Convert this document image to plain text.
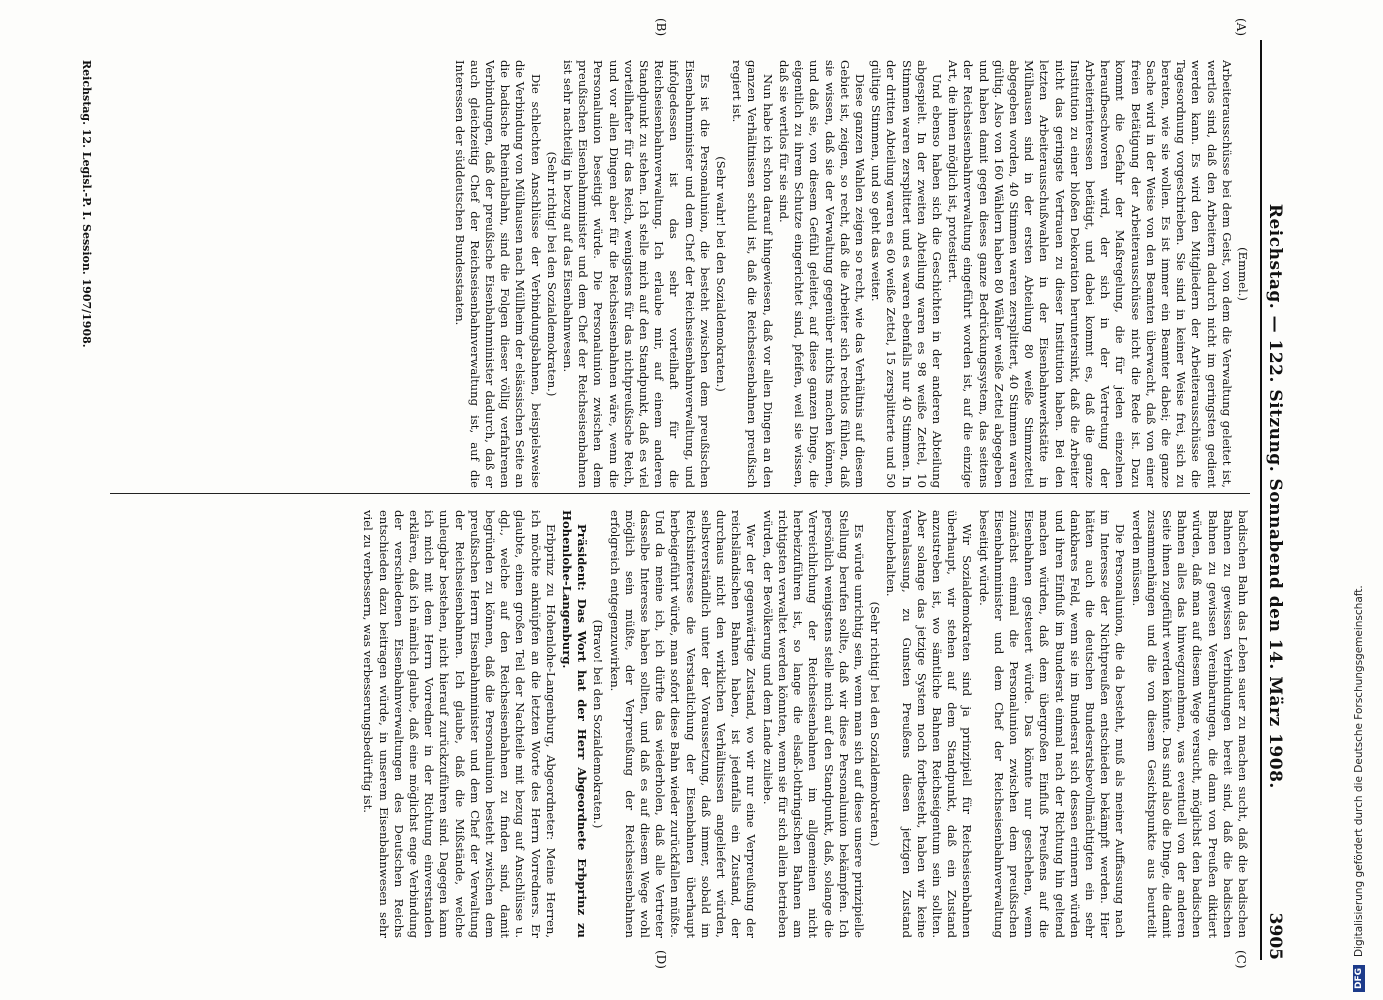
Reichstag. — 122. Sitzung. Sonnabend den 14. März 1908.
3905
(A)
(B)
(C)
(D)

(Emmel.)

Arbeiterausschüsse bei dem Geist, von dem die Verwaltung geleitet ist, wertlos sind, daß den Arbeitern dadurch nicht im geringsten gedient werden kann. Es wird den Mitgliedern der Arbeiterausschüsse die Tagesordnung vorgeschrieben. Sie sind in keiner Weise frei, sich zu beraten, wie sie wollen. Es ist immer ein Beamter dabei; die ganze Sache wird in der Weise von den Beamten überwacht, daß von einer freien Betätigung der Arbeiterausschüsse nicht die Rede ist. Dazu kommt die Gefahr der Maßregelung, die für jeden einzelnen heraufbeschworen wird, der sich in der Vertretung der Arbeiterinteressen betätigt, und dabei kommt es, daß die ganze Institution zu einer bloßen Dekoration heruntersinkt, daß die Arbeiter nicht das geringste Vertrauen zu dieser Institution haben. Bei den letzten Arbeiterausschußwahlen in der Eisenbahnwerkstätte in Mülhausen sind in der ersten Abteilung 80 weiße Stimmzettel abgegeben worden, 40 Stimmen waren zersplittert, 40 Stimmen waren gültig. Also von 160 Wählern haben 80 Wähler weiße Zettel abgegeben und haben damit gegen dieses ganze Bedrückungssystem, das seitens der Reichseisenbahnverwaltung eingeführt worden ist, auf die einzige Art, die ihnen möglich ist, protestiert.

Und ebenso haben sich die Geschichten in der anderen Abteilung abgespielt. In der zweiten Abteilung waren es 98 weiße Zettel, 10 Stimmen waren zersplittert und es waren ebenfalls nur 40 Stimmen. In der dritten Abteilung waren es 60 weiße Zettel, 15 zersplitterte und 50 gültige Stimmen, und so geht das weiter.

Diese ganzen Wahlen zeigen so recht, wie das Verhältnis auf diesem Gebiet ist, zeigen, so recht, daß die Arbeiter sich rechtlos fühlen, daß sie wissen, daß sie der Verwaltung gegenüber nichts machen können, und daß sie, von diesem Gefühl geleitet, auf diese ganzen Dinge, die eigentlich zu ihrem Schutze eingerichtet sind, pfeifen, weil sie wissen, daß sie wertlos für sie sind.

Nun habe ich schon darauf hingewiesen, daß vor allen Dingen an den ganzen Verhältnissen schuld ist, daß die Reichseisenbahnen preußisch regiert ist.

(Sehr wahr! bei den Sozialdemokraten.)

Es ist die Personalunion, die besteht zwischen dem preußischen Eisenbahnminister und dem Chef der Reichseisenbahnverwaltung, und infolgedessen ist das sehr vorteilhaft für die Reichseisenbahnverwaltung. Ich erlaube mir, auf einem anderen Standpunkt zu stehen. Ich stelle mich auf den Standpunkt, daß es viel vorteilhafter für das Reich, wenigstens für das nichtpreußische Reich, und vor allen Dingen aber für die Reichseisenbahnen wäre, wenn die Personalunion beseitigt würde. Die Personalunion zwischen dem preußischen Eisenbahnminister und dem Chef der Reichseisenbahnen ist sehr nachteilig in bezug auf das Eisenbahnwesen.

(Sehr richtig! bei den Sozialdemokraten.)

Die schlechten Anschlüsse der Verbindungsbahnen, beispielsweise die Verbindung von Mülhausen nach Müllheim der elsässischen Seite an die badische Rheintalbahn, sind die Folgen dieser völlig verfahrenen Verbindungen, daß der preußische Eisenbahnminister dadurch, daß er auch gleichzeitig Chef der Reichseisenbahnverwaltung ist, auf die Interessen der süddeutschen Bundesstaaten.

badischen Bahn das Leben sauer zu machen sucht, daß die badischen Bahnen zu gewissen Verbindungen bereit sind, daß die badischen Bahnen zu gewissen Vereinbarungen, die dann von Preußen diktiert würden, daß man auf diesem Wege versucht, möglichst den badischen Bahnen alles das hinwegzunehmen, was eventuell von der anderen Seite ihnen zugeführt werden könnte. Das sind also die Dinge, die damit zusammenhängen und die von diesem Gesichtspunkte aus beurteilt werden müssen.

Die Personalunion, die da besteht, muß als meiner Auffassung nach im Interesse der Nichtpreußen entschieden bekämpft werden. Hier hätten auch die deutschen Bundesratsbevollmächtigten ein sehr dankbares Feld, wenn sie im Bundesrat sich dessen erinnern würden und ihren Einfluß im Bundesrat einmal nach der Richtung hin geltend machen würden, daß dem übergroßen Einfluß Preußens auf die Eisenbahnen gesteuert würde. Das könnte nur geschehen, wenn zunächst einmal die Personalunion zwischen dem preußischen Eisenbahnminister und dem Chef der Reichseisenbahnverwaltung beseitigt würde.

Wir Sozialdemokraten sind ja prinzipiell für Reichseisenbahnen überhaupt, wir stehen auf dem Standpunkt, daß ein Zustand anzustreben ist, wo sämtliche Bahnen Reichseigentum sein sollten. Aber solange das jetzige System noch fortbesteht, haben wir keine Veranlassung, zu Gunsten Preußens diesen jetzigen Zustand beizubehalten.

(Sehr richtig! bei den Sozialdemokraten.)

Es würde unrichtig sein, wenn man sich auf diese unsere prinzipielle Stellung berufen sollte, daß wir diese Personalunion bekämpfen. Ich persönlich wenigstens stelle mich auf den Standpunkt, daß, solange die Verreichlichung der Reichseisenbahnen im allgemeinen nicht herbeizuführen ist, so lange die elsaß-lothringischen Bahnen am richtigsten verwaltet werden könnten, wenn sie für sich allein betrieben würden, der Bevölkerung und dem Lande zuliebe.

Wer der gegenwärtige Zustand, wo wir nur eine Verpreußung der reichsländischen Bahnen haben, ist jedenfalls ein Zustand, der durchaus nicht den wirklichen Verhältnissen angeliefert würden, selbstverständlich unter der Voraussetzung, daß immer, sobald im Reichsinteresse die Verstaatlichung der Eisenbahnen überhaupt herbeigeführt würde, man sofort diese Bahn wieder zurückfallen müßte. Und da meine ich, ich dürfte das wiederholen, daß alle Vertreter dasselbe Interesse haben sollten, und daß es auf diesem Wege wohl möglich sein müßte, der Verpreußung der Reichseisenbahnen erfolgreich entgegenzuwirken.

(Bravo! bei den Sozialdemokraten.)

Präsident: Das Wort hat der Herr Abgeordnete Erbprinz zu Hohenlohe-Langenburg.

Erbprinz zu Hohenlohe-Langenburg, Abgeordneter: Meine Herren, ich möchte anknüpfen an die letzten Worte des Herrn Vorredners. Er glaubte, einen großen Teil der Nachteile mit bezug auf Anschlüsse u. dgl., welche auf den Reichseisenbahnen zu finden sind, damit begründen zu können, daß die Personalunion besteht zwischen dem preußischen Herrn Eisenbahnminister und dem Chef der Verwaltung der Reichseisenbahnen. Ich glaube, daß die Mißstände, welche unleugbar bestehen, nicht hierauf zurückzuführen sind. Dagegen kann ich mich mit dem Herrn Vorredner in der Richtung einverstanden erklären, daß ich nämlich glaube, daß eine möglichst enge Verbindung der verschiedenen Eisenbahnverwaltungen des Deutschen Reichs entschieden dazu beitragen würde, in unserem Eisenbahnwesen sehr viel zu verbessern, was verbesserungsbedürftig ist.

Reichstag. 12. Legisl.-P. I. Session. 1907/1908.
DFG
Digitalisierung gefördert durch die Deutsche Forschungsgemeinschaft.
